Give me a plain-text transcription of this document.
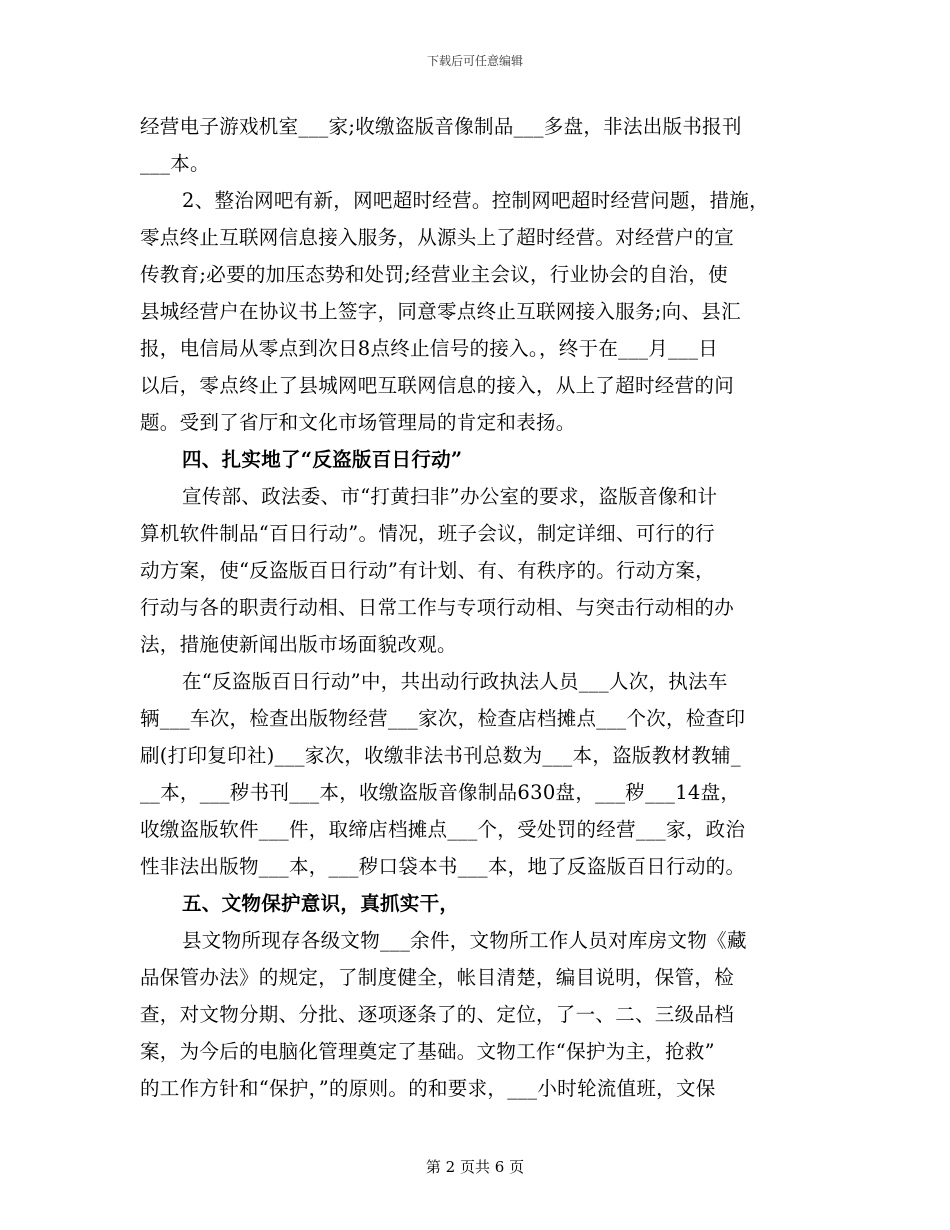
下载后可任意编辑
经营电子游戏机室___家;收缴盗版音像制品___多盘，非法出版书报刊
___本。
2、整治网吧有新，网吧超时经营。控制网吧超时经营问题，措施，
零点终止互联网信息接入服务，从源头上了超时经营。对经营户的宣
传教育;必要的加压态势和处罚;经营业主会议，行业协会的自治，使
县城经营户在协议书上签字，同意零点终止互联网接入服务;向、县汇
报，电信局从零点到次日8点终止信号的接入。，终于在___月___日
以后，零点终止了县城网吧互联网信息的接入，从上了超时经营的问
题。受到了省厅和文化市场管理局的肯定和表扬。
四、扎实地了“反盗版百日行动”
宣传部、政法委、市“打黄扫非”办公室的要求，盗版音像和计
算机软件制品“百日行动”。情况，班子会议，制定详细、可行的行
动方案，使“反盗版百日行动”有计划、有、有秩序的。行动方案，
行动与各的职责行动相、日常工作与专项行动相、与突击行动相的办
法，措施使新闻出版市场面貌改观。
在“反盗版百日行动”中，共出动行政执法人员___人次，执法车
辆___车次，检查出版物经营___家次，检查店档摊点___个次，检查印
刷(打印复印社)___家次，收缴非法书刊总数为___本，盗版教材教辅_
__本，___秽书刊___本，收缴盗版音像制品630盘，___秽___14盘，
收缴盗版软件___件，取缔店档摊点___个，受处罚的经营___家，政治
性非法出版物___本，___秽口袋本书___本，地了反盗版百日行动的。
五、文物保护意识，真抓实干，
县文物所现存各级文物___余件，文物所工作人员对库房文物《藏
品保管办法》的规定，了制度健全，帐目清楚，编目说明，保管，检
查，对文物分期、分批、逐项逐条了的、定位，了一、二、三级品档
案，为今后的电脑化管理奠定了基础。文物工作“保护为主，抢救”
的工作方针和“保护，”的原则。的和要求，___小时轮流值班，文保
第 2 页共 6 页
